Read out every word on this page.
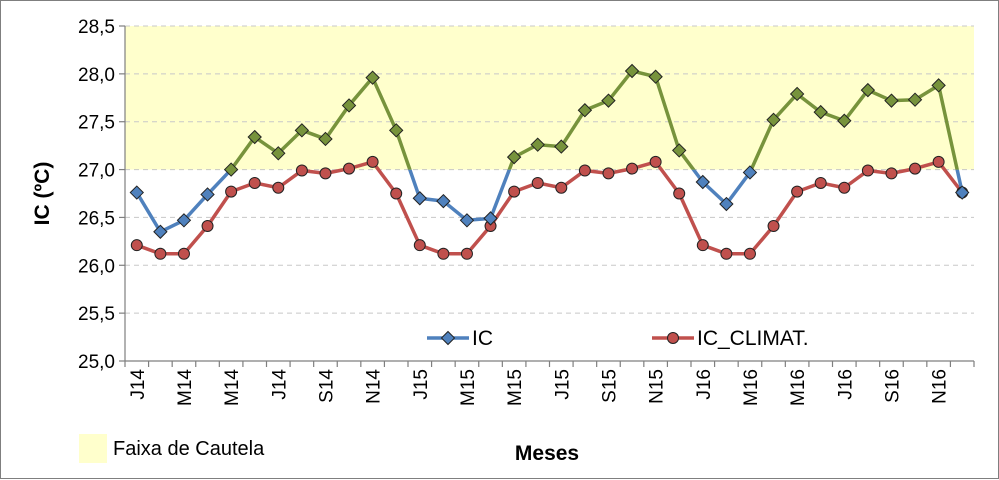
25,0
25,5
26,0
26,5
27,0
27,5
28,0
28,5
J14 M14 M14 J14 S14 N14 J15 M15 M15 J15 S15 N15 J16 M16 M16 J16 S16 N16
IC (ºC)
Meses
IC	IC_CLIMAT.
Faixa de Cautela
